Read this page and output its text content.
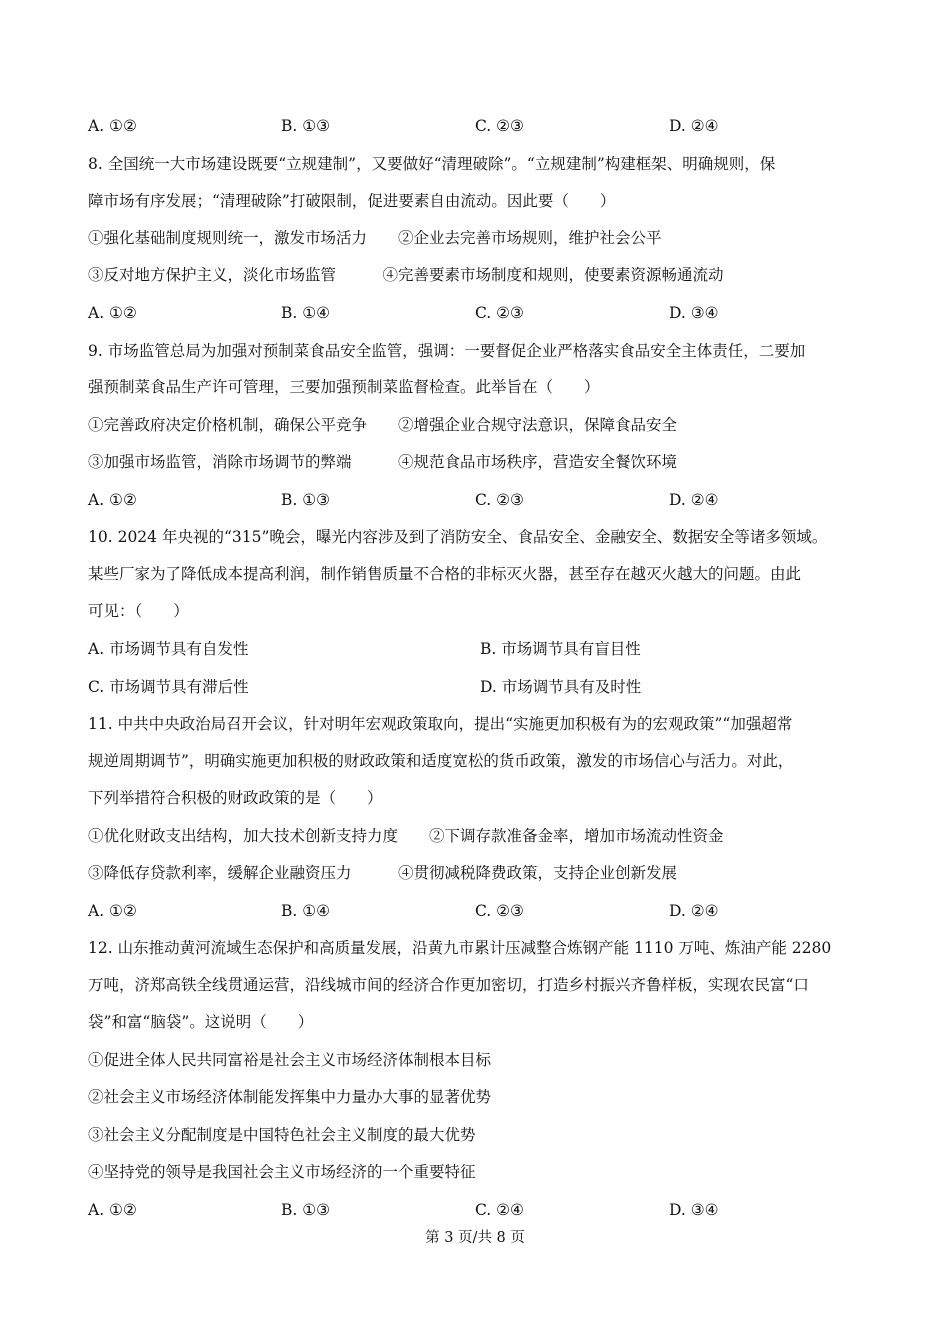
A. ①②	B. ①③	C. ②③	D. ②④
8. 全国统一大市场建设既要“立规建制”，又要做好“清理破除”。“立规建制”构建框架、明确规则，保
障市场有序发展；“清理破除”打破限制，促进要素自由流动。因此要（　　）
①强化基础制度规则统一，激发市场活力　　②企业去完善市场规则，维护社会公平
③反对地方保护主义，淡化市场监管　　　④完善要素市场制度和规则，使要素资源畅通流动
A. ①②	B. ①④	C. ②③	D. ③④
9. 市场监管总局为加强对预制菜食品安全监管，强调：一要督促企业严格落实食品安全主体责任，二要加
强预制菜食品生产许可管理，三要加强预制菜监督检查。此举旨在（　　）
①完善政府决定价格机制，确保公平竞争　　②增强企业合规守法意识，保障食品安全
③加强市场监管，消除市场调节的弊端　　　④规范食品市场秩序，营造安全餐饮环境
A. ①②	B. ①③	C. ②③	D. ②④
10. 2024 年央视的“315”晚会，曝光内容涉及到了消防安全、食品安全、金融安全、数据安全等诸多领域。
某些厂家为了降低成本提高利润，制作销售质量不合格的非标灭火器，甚至存在越灭火越大的问题。由此
可见：（　　）
A. 市场调节具有自发性	B. 市场调节具有盲目性
C. 市场调节具有滞后性	D. 市场调节具有及时性
11. 中共中央政治局召开会议，针对明年宏观政策取向，提出“实施更加积极有为的宏观政策”“加强超常
规逆周期调节”，明确实施更加积极的财政政策和适度宽松的货币政策，激发的市场信心与活力。对此，
下列举措符合积极的财政政策的是（　　）
①优化财政支出结构，加大技术创新支持力度　　②下调存款准备金率，增加市场流动性资金
③降低存贷款利率，缓解企业融资压力　　　④贯彻减税降费政策，支持企业创新发展
A. ①②	B. ①④	C. ②③	D. ②④
12. 山东推动黄河流域生态保护和高质量发展，沿黄九市累计压减整合炼钢产能 1110 万吨、炼油产能 2280
万吨，济郑高铁全线贯通运营，沿线城市间的经济合作更加密切，打造乡村振兴齐鲁样板，实现农民富“口
袋”和富“脑袋”。这说明（　　）
①促进全体人民共同富裕是社会主义市场经济体制根本目标
②社会主义市场经济体制能发挥集中力量办大事的显著优势
③社会主义分配制度是中国特色社会主义制度的最大优势
④坚持党的领导是我国社会主义市场经济的一个重要特征
A. ①②	B. ①③	C. ②④	D. ③④
第 3 页/共 8 页
